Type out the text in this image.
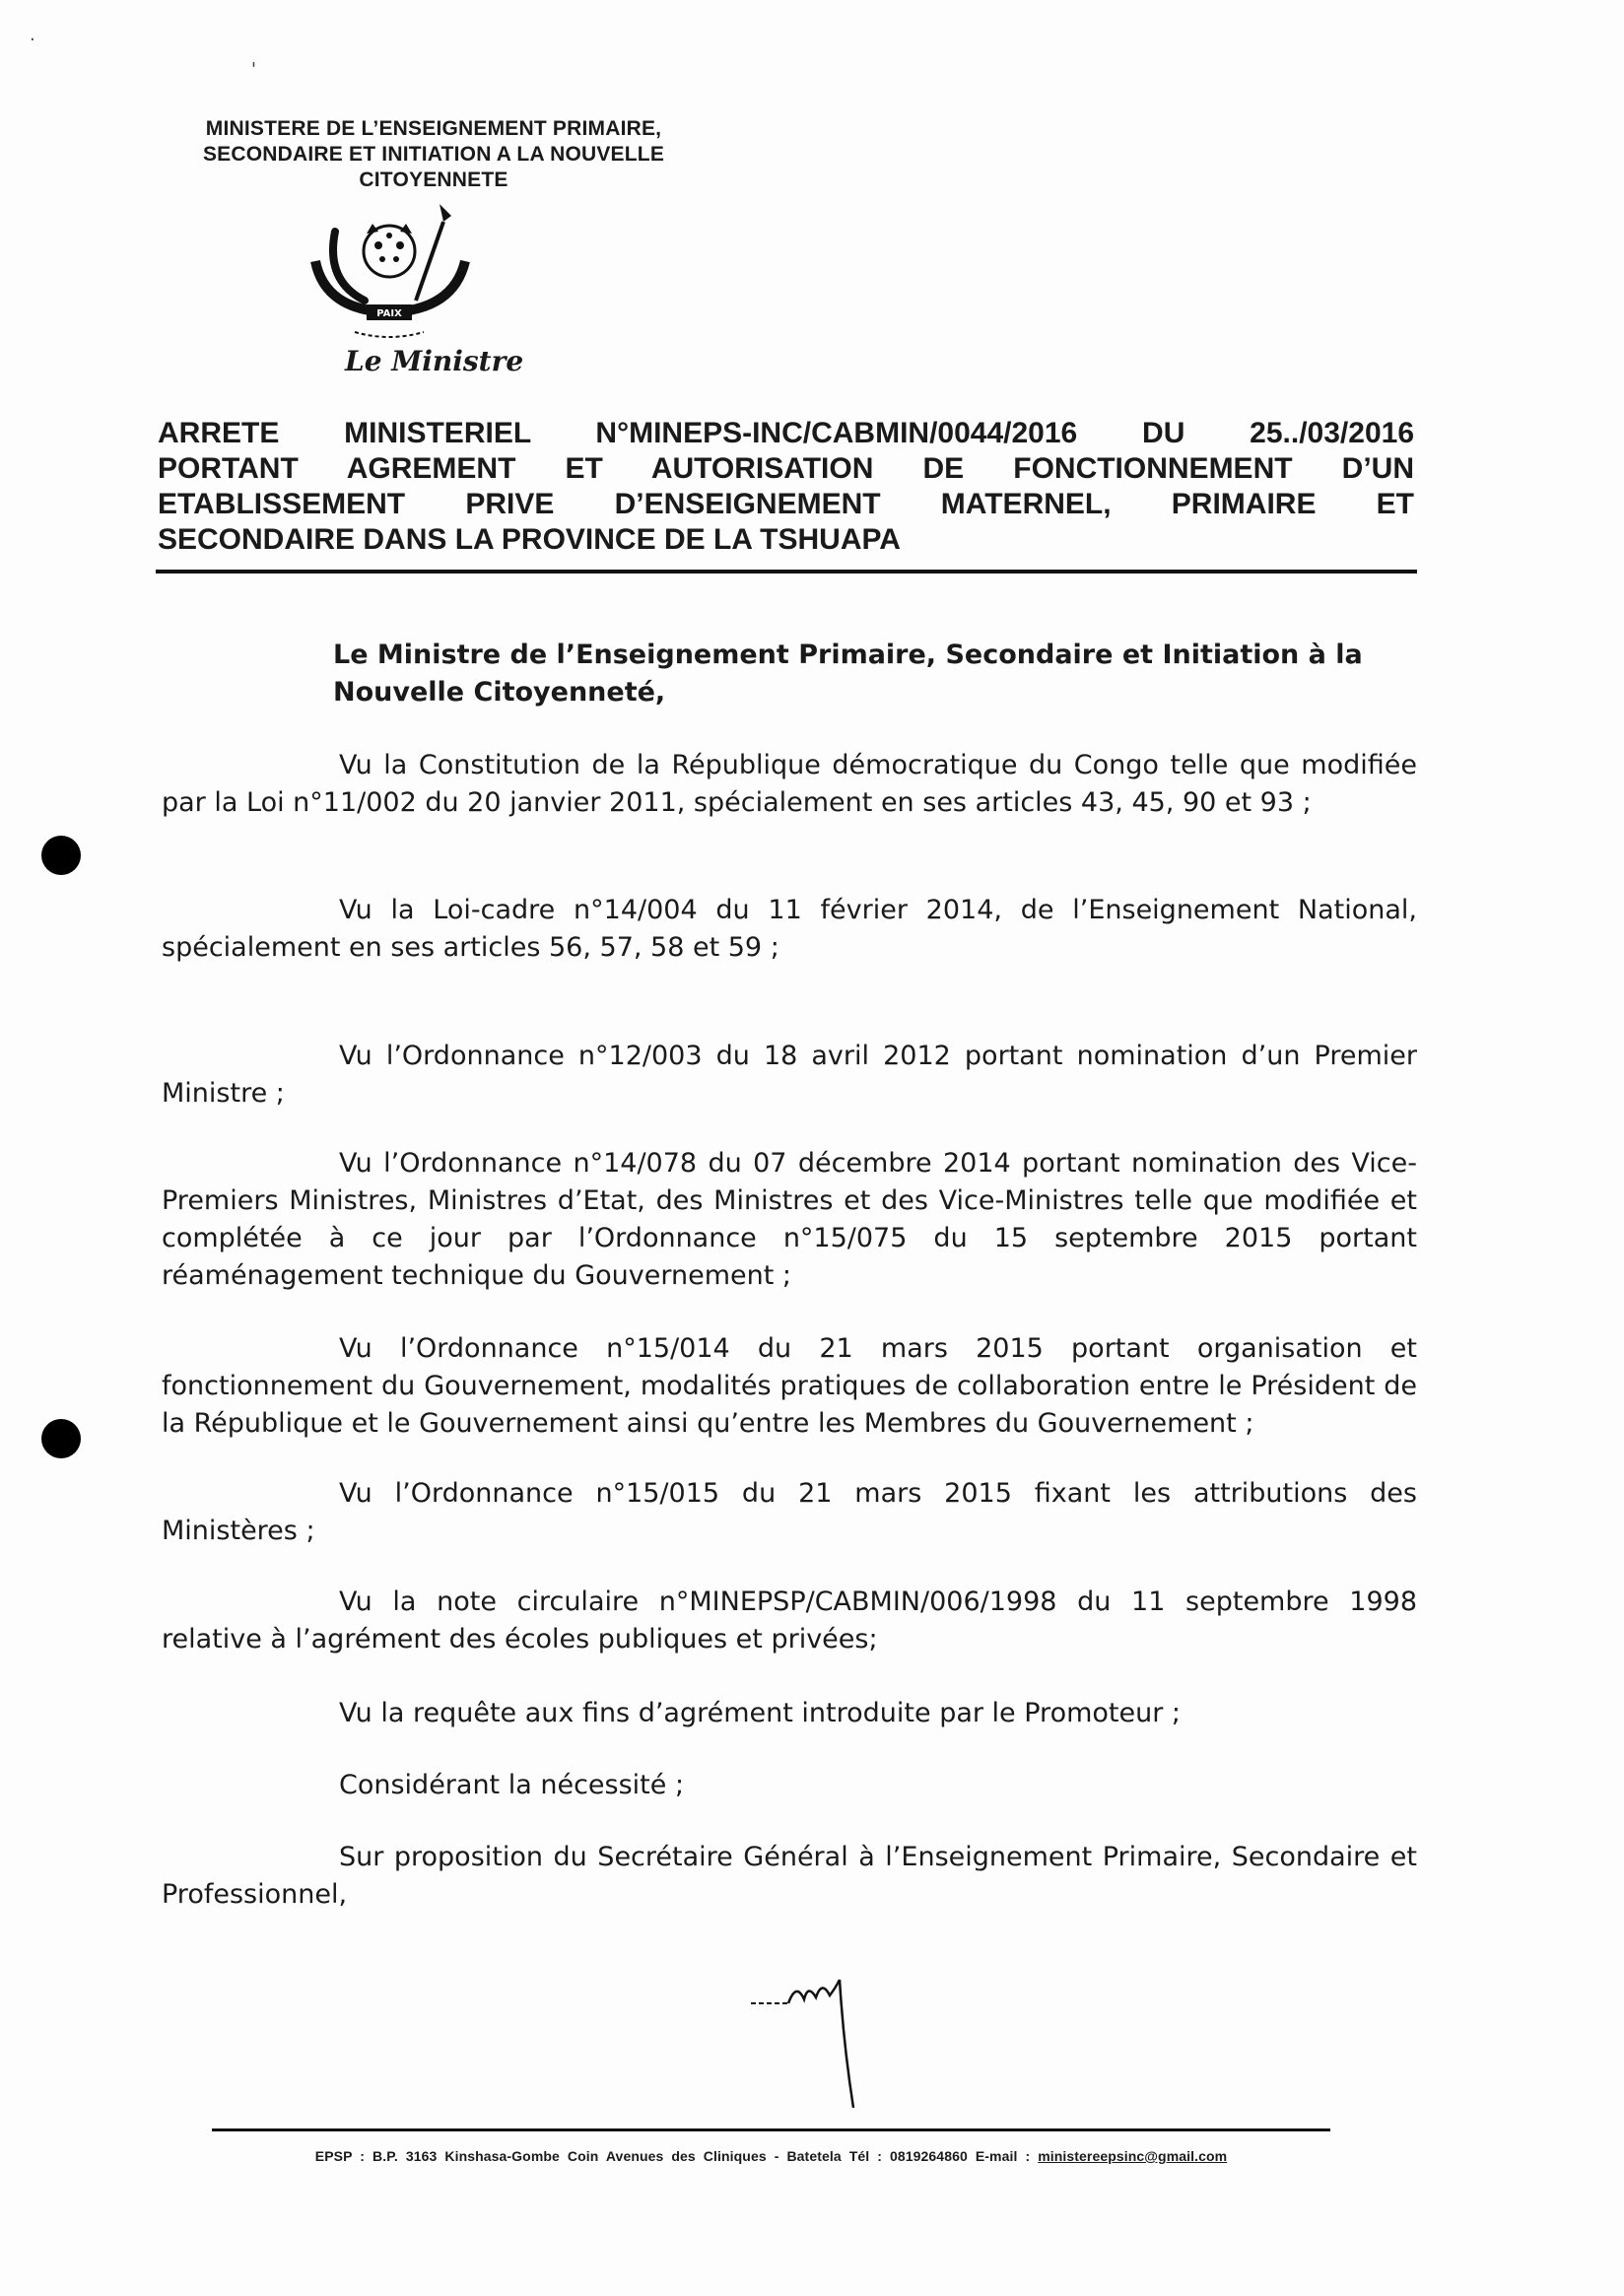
·
'
MINISTERE DE L’ENSEIGNEMENT PRIMAIRE,
SECONDAIRE ET INITIATION A LA NOUVELLE
CITOYENNETE
PAIX
Le Ministre
ARRETE MINISTERIEL N°MINEPS-INC/CABMIN/0044/2016 DU 25../03/2016
PORTANT AGREMENT ET AUTORISATION DE FONCTIONNEMENT D’UN
ETABLISSEMENT PRIVE D’ENSEIGNEMENT MATERNEL, PRIMAIRE ET
SECONDAIRE DANS LA PROVINCE DE LA TSHUAPA
Le Ministre de l’Enseignement Primaire, Secondaire et Initiation à la Nouvelle Citoyenneté,

Vu la Constitution de la République démocratique du Congo telle que modifiée par la Loi n°11/002 du 20 janvier 2011, spécialement en ses articles 43, 45, 90 et 93 ;

Vu la Loi-cadre n°14/004 du 11 février 2014, de l’Enseignement National, spécialement en ses articles 56, 57, 58 et 59 ;

Vu l’Ordonnance n°12/003 du 18 avril 2012 portant nomination d’un Premier Ministre ;

Vu l’Ordonnance n°14/078 du 07 décembre 2014 portant nomination des Vice-Premiers Ministres, Ministres d’Etat, des Ministres et des Vice-Ministres telle que modifiée et complétée à ce jour par l’Ordonnance n°15/075 du 15 septembre 2015 portant réaménagement technique du Gouvernement ;

Vu l’Ordonnance n°15/014 du 21 mars 2015 portant organisation et fonctionnement du Gouvernement, modalités pratiques de collaboration entre le Président de la République et le Gouvernement ainsi qu’entre les Membres du Gouvernement ;

Vu l’Ordonnance n°15/015 du 21 mars 2015 fixant les attributions des Ministères ;

Vu la note circulaire n°MINEPSP/CABMIN/006/1998 du 11 septembre 1998 relative à l’agrément des écoles publiques et privées;

Vu la requête aux fins d’agrément introduite par le Promoteur ;

Considérant la nécessité ;

Sur proposition du Secrétaire Général à l’Enseignement Primaire, Secondaire et Professionnel,

EPSP : B.P. 3163 Kinshasa-Gombe Coin Avenues des Cliniques - Batetela Tél : 0819264860 E-mail : ministereepsinc@gmail.com
